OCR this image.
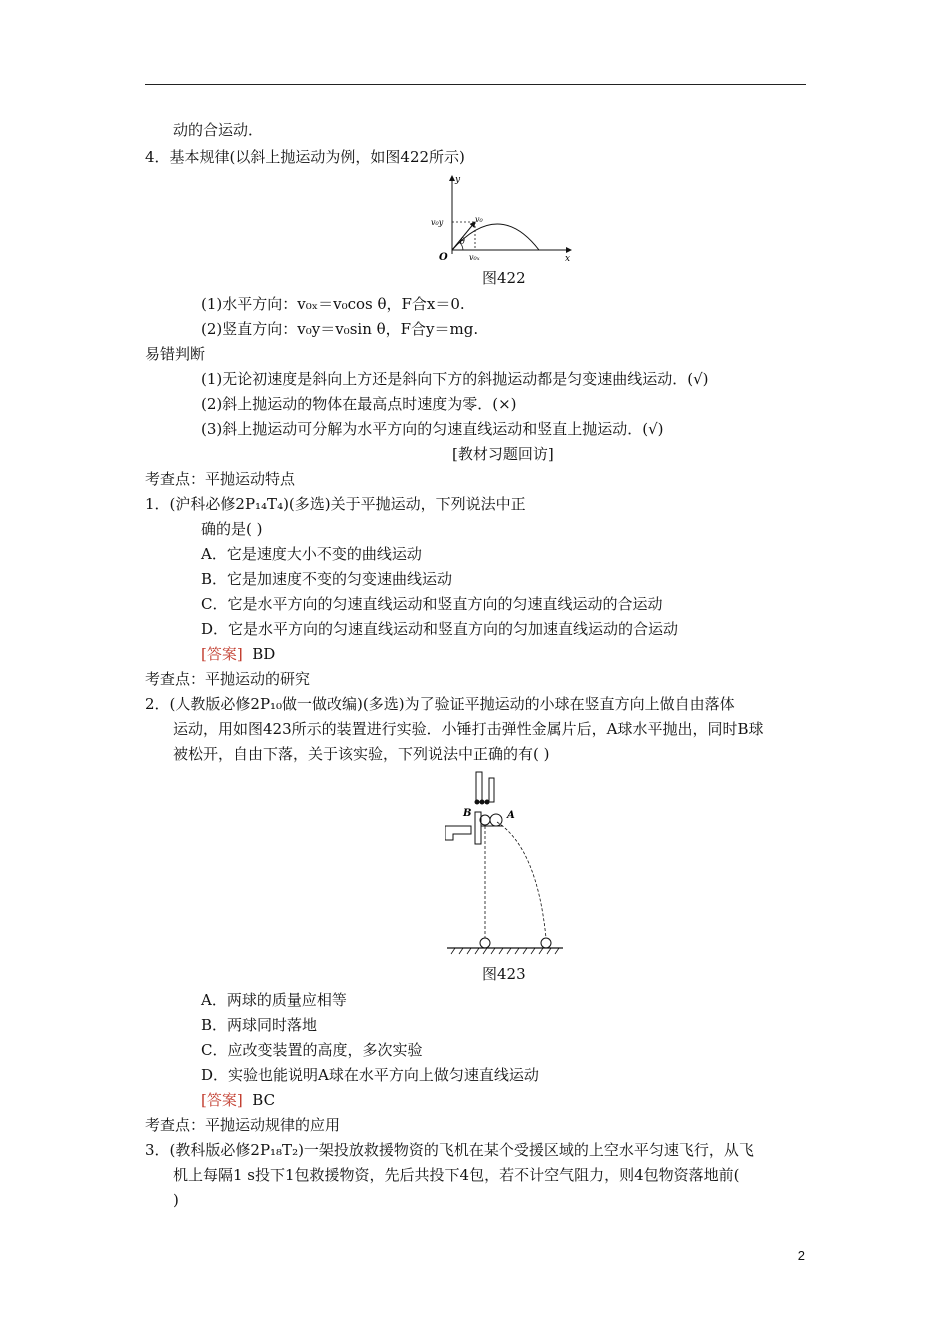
动的合运动．
4．基本规律(以斜上抛运动为例，如图422所示)
y
x
O
v₀
v₀y
v₀ₓ
θ
图422
(1)水平方向：v₀ₓ＝v₀cos θ，F合x＝0.
(2)竖直方向：v₀y＝v₀sin θ，F合y＝mg.
易错判断
(1)无论初速度是斜向上方还是斜向下方的斜抛运动都是匀变速曲线运动．(√)
(2)斜上抛运动的物体在最高点时速度为零．(×)
(3)斜上抛运动可分解为水平方向的匀速直线运动和竖直上抛运动．(√)
[教材习题回访]
考查点：平抛运动特点
1．(沪科必修2P₁₄T₄)(多选)关于平抛运动，下列说法中正
确的是( )
A．它是速度大小不变的曲线运动
B．它是加速度不变的匀变速曲线运动
C．它是水平方向的匀速直线运动和竖直方向的匀速直线运动的合运动
D．它是水平方向的匀速直线运动和竖直方向的匀加速直线运动的合运动
[答案] BD
考查点：平抛运动的研究
2．(人教版必修2P₁₀做一做改编)(多选)为了验证平抛运动的小球在竖直方向上做自由落体
运动，用如图423所示的装置进行实验．小锤打击弹性金属片后，A球水平抛出，同时B球
被松开，自由下落，关于该实验，下列说法中正确的有( )
B	A
图423
A．两球的质量应相等
B．两球同时落地
C．应改变装置的高度，多次实验
D．实验也能说明A球在水平方向上做匀速直线运动
[答案] BC
考查点：平抛运动规律的应用
3．(教科版必修2P₁₈T₂)一架投放救援物资的飞机在某个受援区域的上空水平匀速飞行，从飞
机上每隔1 s投下1包救援物资，先后共投下4包，若不计空气阻力，则4包物资落地前(
)
2
